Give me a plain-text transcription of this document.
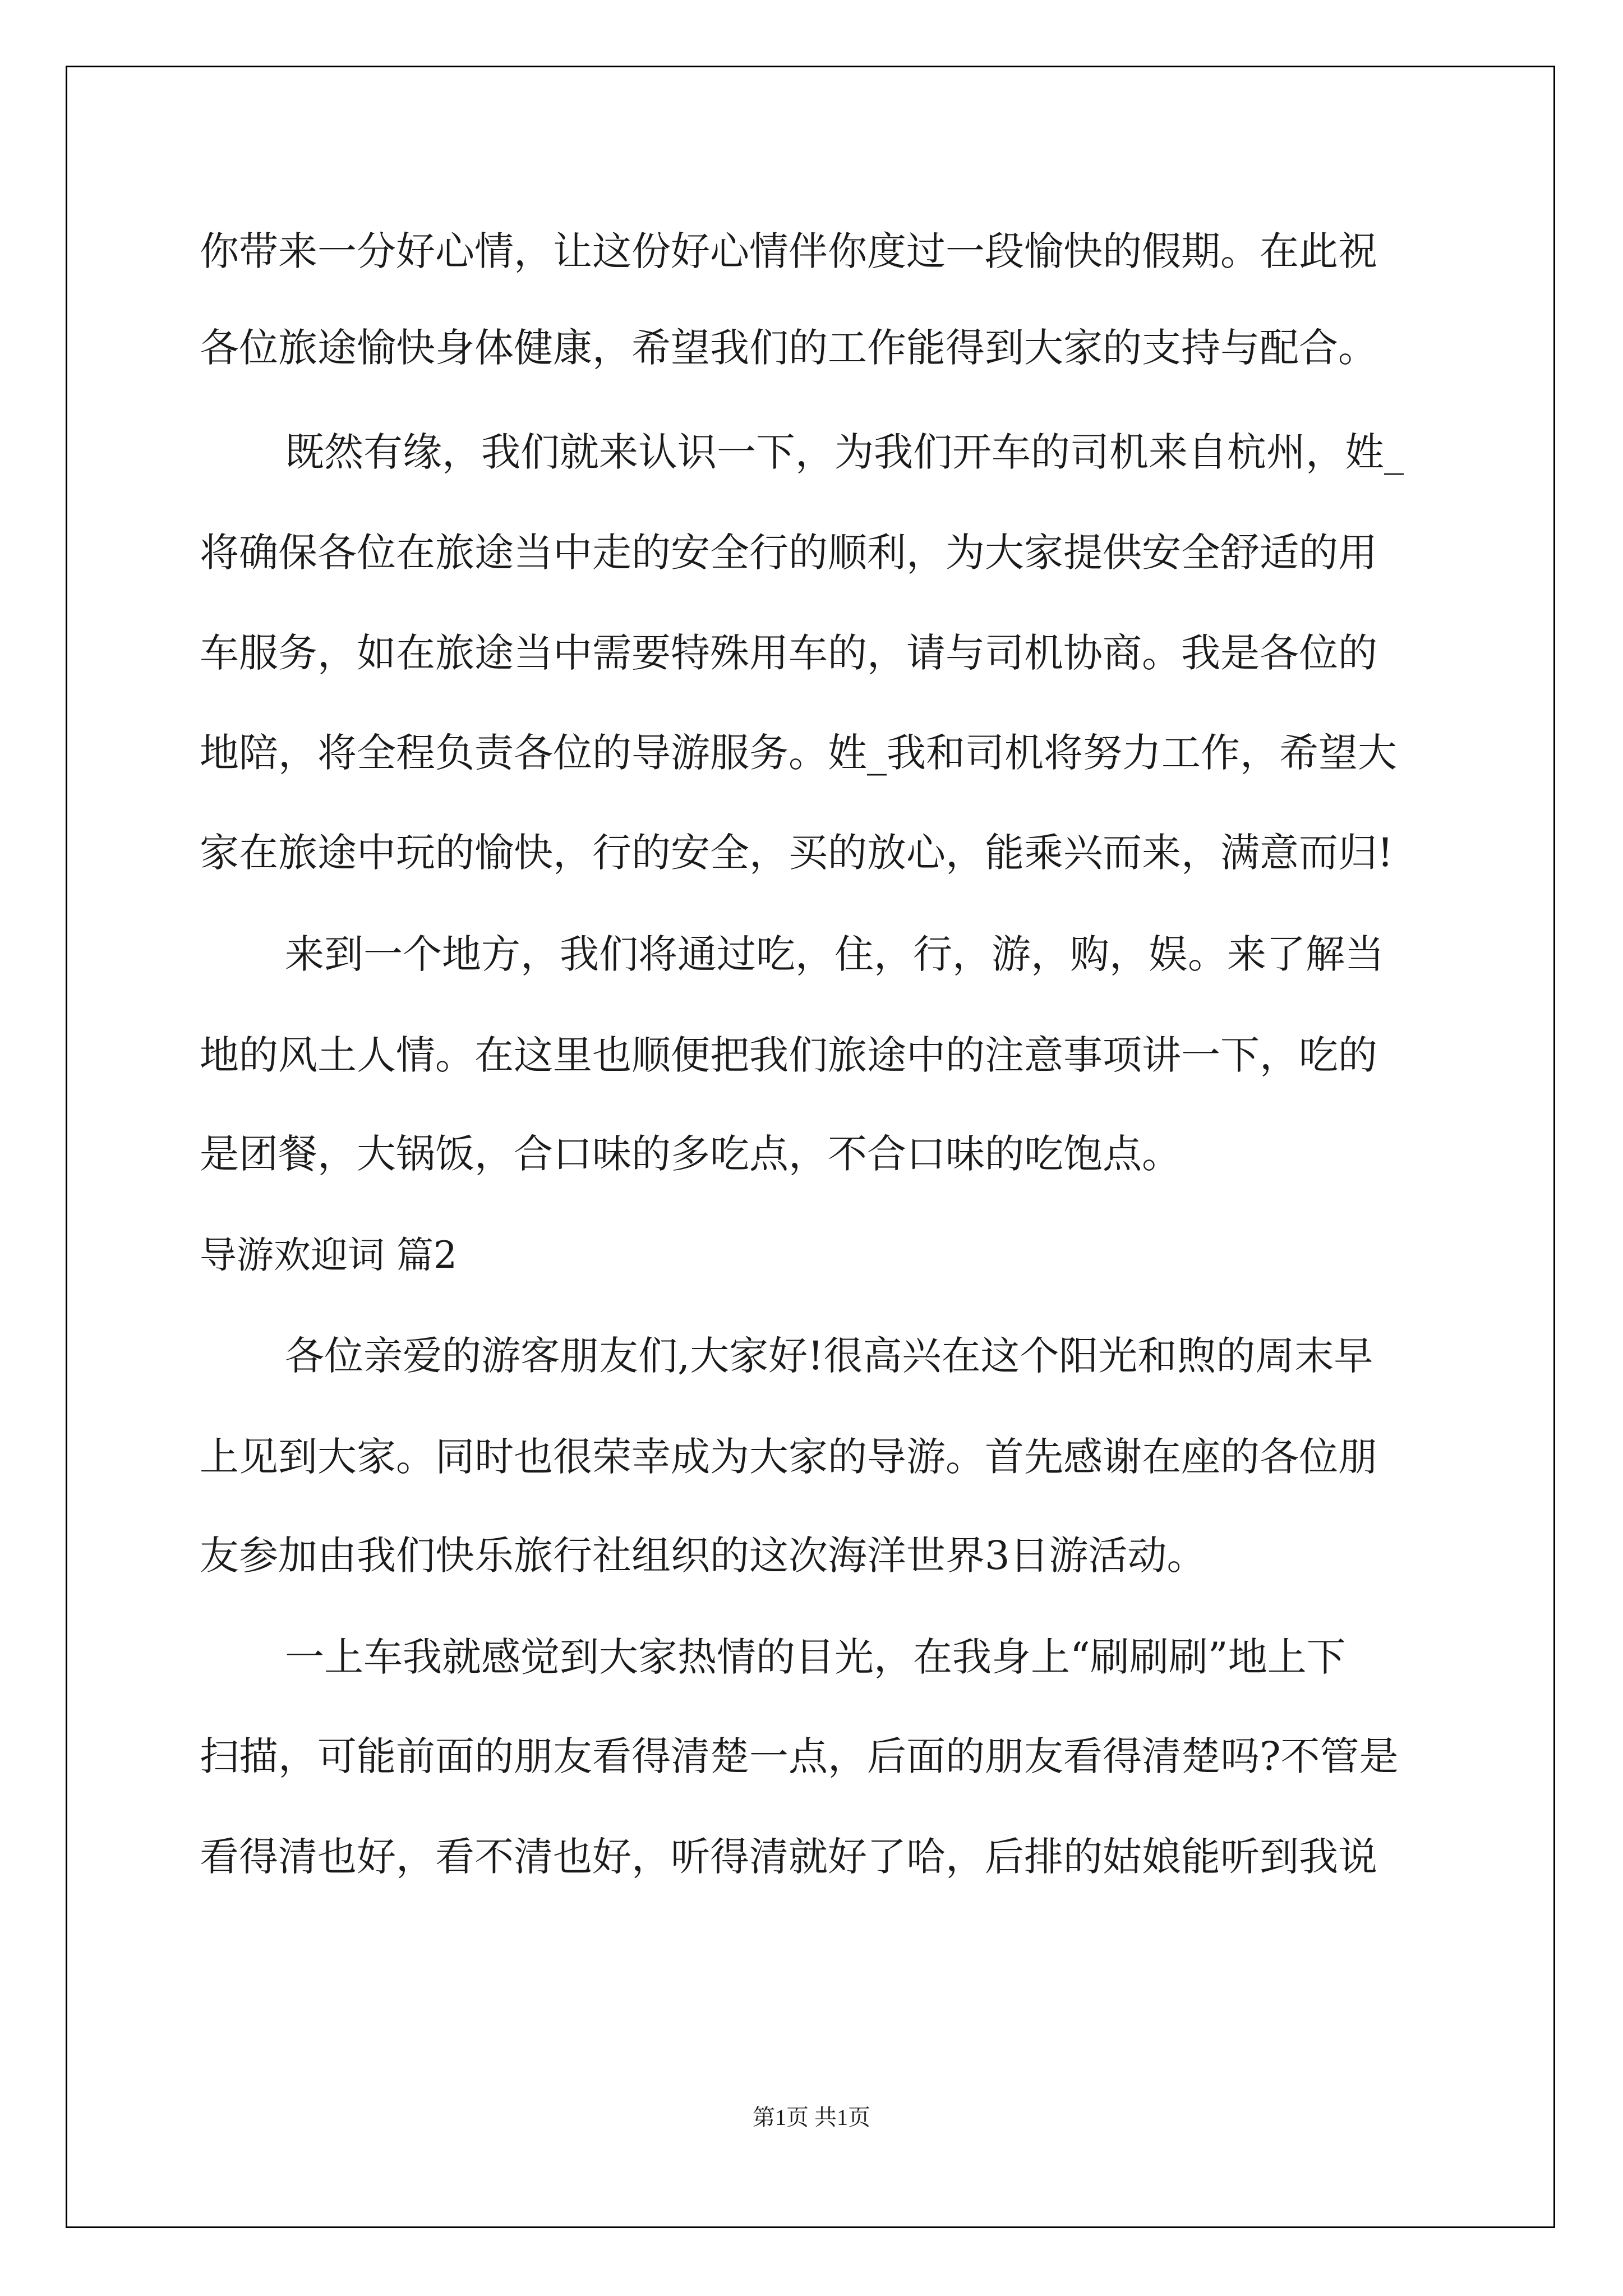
你带来一分好心情，让这份好心情伴你度过一段愉快的假期。在此祝
各位旅途愉快身体健康，希望我们的工作能得到大家的支持与配合。
既然有缘，我们就来认识一下，为我们开车的司机来自杭州，姓_
将确保各位在旅途当中走的安全行的顺利，为大家提供安全舒适的用
车服务，如在旅途当中需要特殊用车的，请与司机协商。我是各位的
地陪，将全程负责各位的导游服务。姓_我和司机将努力工作，希望大
家在旅途中玩的愉快，行的安全，买的放心，能乘兴而来，满意而归!
来到一个地方，我们将通过吃，住，行，游，购，娱。来了解当
地的风土人情。在这里也顺便把我们旅途中的注意事项讲一下，吃的
是团餐，大锅饭，合口味的多吃点，不合口味的吃饱点。
导游欢迎词 篇2
各位亲爱的游客朋友们,大家好!很高兴在这个阳光和煦的周末早
上见到大家。同时也很荣幸成为大家的导游。首先感谢在座的各位朋
友参加由我们快乐旅行社组织的这次海洋世界3日游活动。
一上车我就感觉到大家热情的目光，在我身上“刷刷刷”地上下
扫描，可能前面的朋友看得清楚一点，后面的朋友看得清楚吗?不管是
看得清也好，看不清也好，听得清就好了哈，后排的姑娘能听到我说
第1页 共1页
